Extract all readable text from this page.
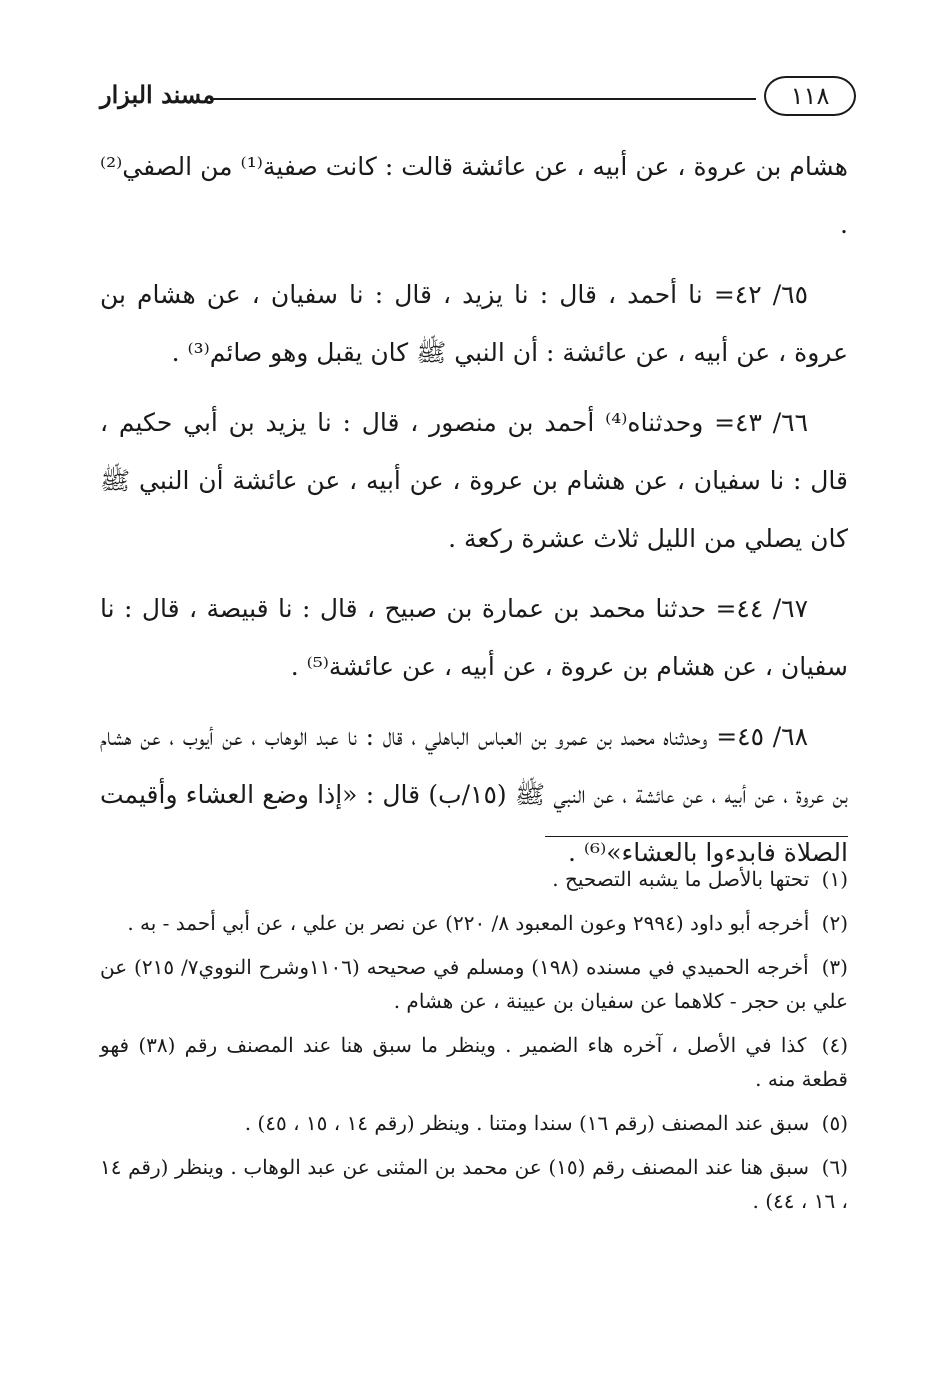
١١٨
مسند البزار

هشام بن عروة ، عن أبيه ، عن عائشة قالت : كانت صفية⁽¹⁾ من الصفي⁽²⁾ .

٦٥/ ٤٢= نا أحمد ، قال : نا يزيد ، قال : نا سفيان ، عن هشام بن عروة ، عن أبيه ، عن عائشة : أن النبي ﷺ كان يقبل وهو صائم⁽³⁾ .

٦٦/ ٤٣= وحدثناه⁽⁴⁾ أحمد بن منصور ، قال : نا يزيد بن أبي حكيم ، قال : نا سفيان ، عن هشام بن عروة ، عن أبيه ، عن عائشة أن النبي ﷺ كان يصلي من الليل ثلاث عشرة ركعة .

٦٧/ ٤٤= حدثنا محمد بن عمارة بن صبيح ، قال : نا قبيصة ، قال : نا سفيان ، عن هشام بن عروة ، عن أبيه ، عن عائشة⁽⁵⁾ .

٦٨/ ٤٥= وحدثناه محمد بن عمرو بن العباس الباهلي ، قال : نا عبد الوهاب ، عن أيوب ، عن هشام بن عروة ، عن أبيه ، عن عائشة ، عن النبي ﷺ (١٥/ب) قال : «إذا وضع العشاء وأقيمت الصلاة فابدءوا بالعشاء»⁽⁶⁾ .

(١) تحتها بالأصل ما يشبه التصحيح .

(٢) أخرجه أبو داود (٢٩٩٤ وعون المعبود ٨/ ٢٢٠) عن نصر بن علي ، عن أبي أحمد - به .

(٣) أخرجه الحميدي في مسنده (١٩٨) ومسلم في صحيحه (١١٠٦وشرح النووي٧/ ٢١٥) عن علي بن حجر - كلاهما عن سفيان بن عيينة ، عن هشام .

(٤) كذا في الأصل ، آخره هاء الضمير . وينظر ما سبق هنا عند المصنف رقم (٣٨) فهو قطعة منه .

(٥) سبق عند المصنف (رقم ١٦) سندا ومتنا . وينظر (رقم ١٤ ، ١٥ ، ٤٥) .

(٦) سبق هنا عند المصنف رقم (١٥) عن محمد بن المثنى عن عبد الوهاب . وينظر (رقم ١٤ ، ١٦ ، ٤٤) .
